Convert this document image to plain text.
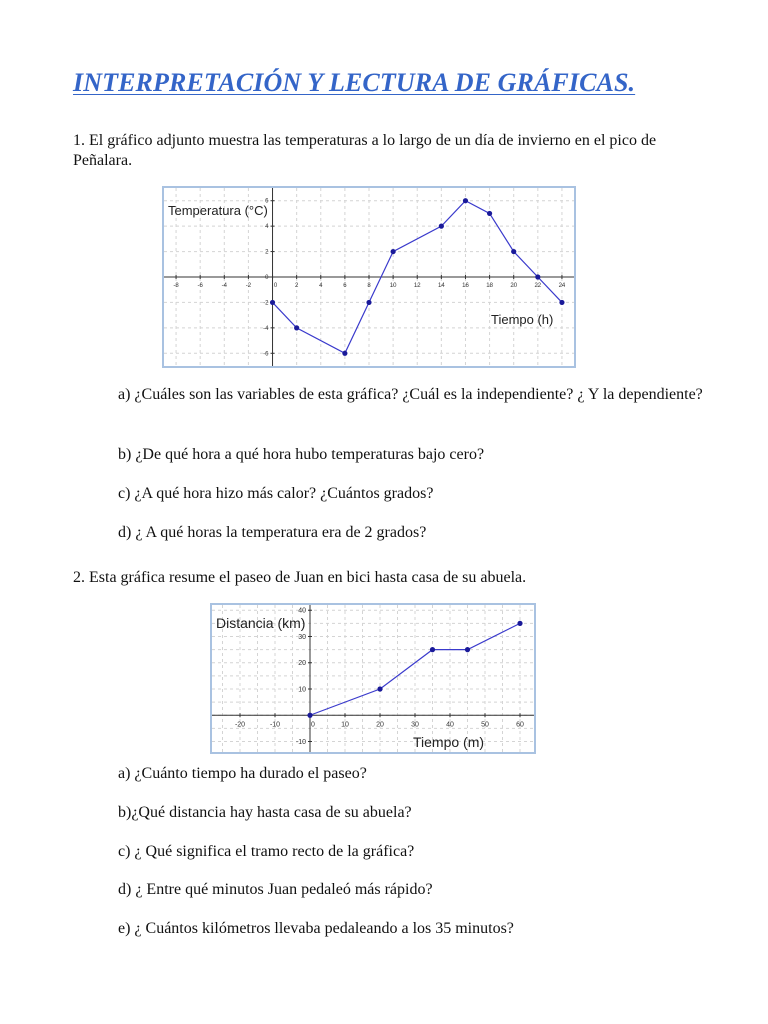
INTERPRETACIÓN Y LECTURA DE GRÁFICAS.

1. El gráfico adjunto muestra las temperaturas a lo largo de un día de invierno en el pico de Peñalara.

Temperatura (°C)
Tiempo (h)
-8	-6	-4	-2	0	2	4	6	8	10	12	14	16	18	20	22	24
-6
-4
-2
0
2
4
6

a) ¿Cuáles son las variables de esta gráfica? ¿Cuál es la independiente? ¿ Y la dependiente?

b) ¿De qué hora a qué hora hubo temperaturas bajo cero?

c) ¿A qué hora hizo más calor? ¿Cuántos grados?

d) ¿ A qué horas la temperatura era de 2 grados?

2. Esta gráfica resume el paseo de Juan en bici hasta casa de su abuela.

Distancia (km)
Tiempo (m)
-20	-10	0	10	20	30	40	50	60
-10
10
20
30
40

a) ¿Cuánto tiempo ha durado el paseo?

b)¿Qué distancia hay hasta casa de su abuela?

c) ¿ Qué significa el tramo recto de la gráfica?

d) ¿ Entre qué minutos Juan pedaleó más rápido?

e) ¿ Cuántos kilómetros llevaba pedaleando a los 35 minutos?
